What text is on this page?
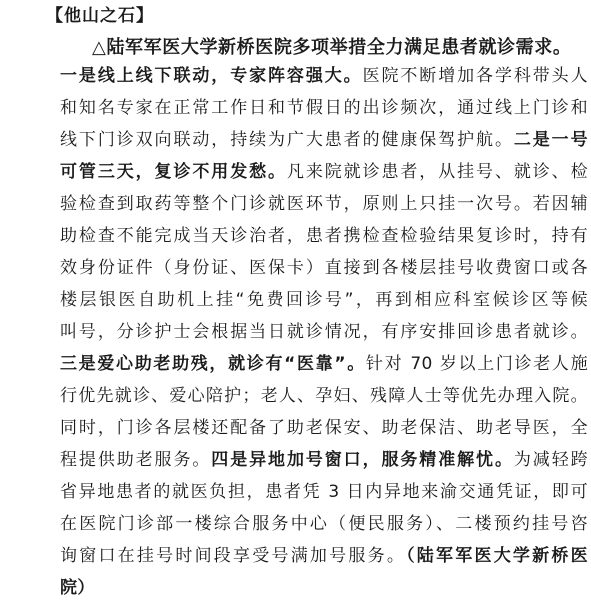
【他山之石】
△陆军军医大学新桥医院多项举措全力满足患者就诊需求。
一是线上线下联动，专家阵容强大。医院不断增加各学科带头人
和知名专家在正常工作日和节假日的出诊频次，通过线上门诊和
线下门诊双向联动，持续为广大患者的健康保驾护航。二是一号
可管三天，复诊不用发愁。凡来院就诊患者，从挂号、就诊、检
验检查到取药等整个门诊就医环节，原则上只挂一次号。若因辅
助检查不能完成当天诊治者，患者携检查检验结果复诊时，持有
效身份证件（身份证、医保卡）直接到各楼层挂号收费窗口或各
楼层银医自助机上挂“免费回诊号”，再到相应科室候诊区等候
叫号，分诊护士会根据当日就诊情况，有序安排回诊患者就诊。
三是爱心助老助残，就诊有“医靠”。针对 70 岁以上门诊老人施
行优先就诊、爱心陪护；老人、孕妇、残障人士等优先办理入院。
同时，门诊各层楼还配备了助老保安、助老保洁、助老导医，全
程提供助老服务。四是异地加号窗口，服务精准解忧。为减轻跨
省异地患者的就医负担，患者凭 3 日内异地来渝交通凭证，即可
在医院门诊部一楼综合服务中心（便民服务）、二楼预约挂号咨
询窗口在挂号时间段享受号满加号服务。（陆军军医大学新桥医
院）
